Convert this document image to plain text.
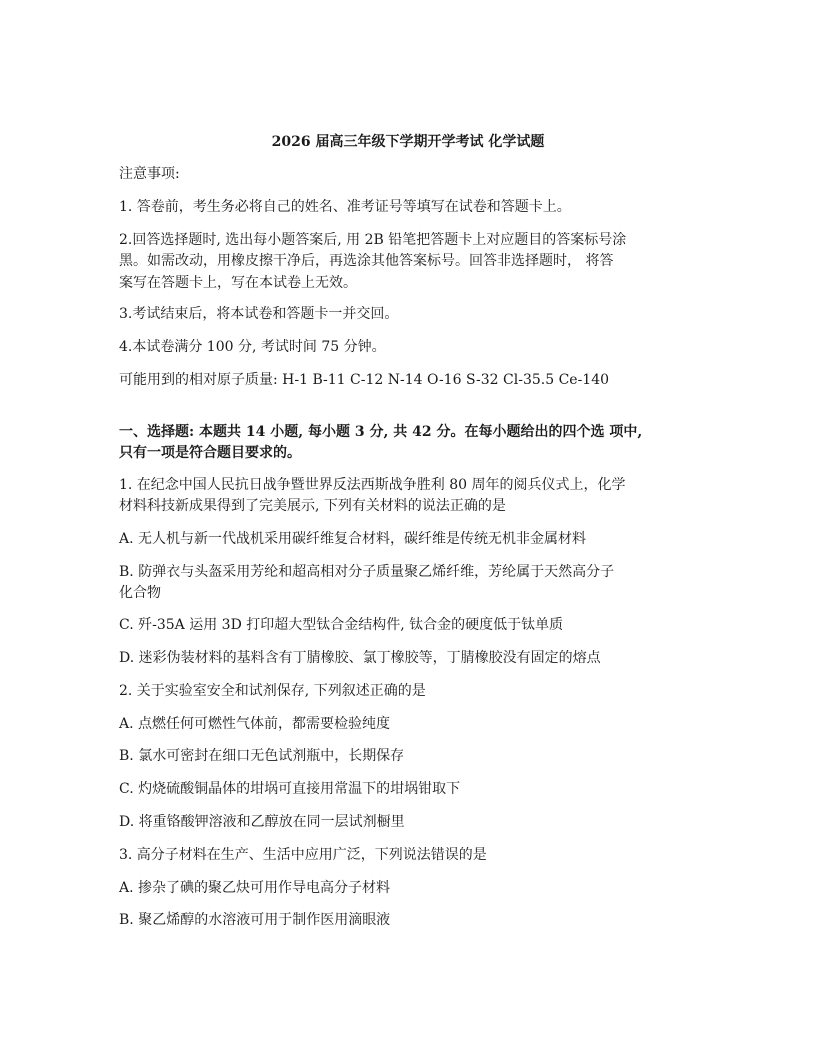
2026 届高三年级下学期开学考试 化学试题
注意事项:
1. 答卷前，考生务必将自己的姓名、准考证号等填写在试卷和答题卡上。
2.回答选择题时, 选出每小题答案后, 用 2B 铅笔把答题卡上对应题目的答案标号涂
黑。如需改动，用橡皮擦干净后，再选涂其他答案标号。回答非选择题时， 将答
案写在答题卡上，写在本试卷上无效。
3.考试结束后，将本试卷和答题卡一并交回。
4.本试卷满分 100 分, 考试时间 75 分钟。
可能用到的相对原子质量: H-1 B-11 C-12 N-14 O-16 S-32 Cl-35.5 Ce-140
一、选择题: 本题共 14 小题, 每小题 3 分, 共 42 分。在每小题给出的四个选 项中,
只有一项是符合题目要求的。
1. 在纪念中国人民抗日战争暨世界反法西斯战争胜利 80 周年的阅兵仪式上，化学
材料科技新成果得到了完美展示, 下列有关材料的说法正确的是
A. 无人机与新一代战机采用碳纤维复合材料，碳纤维是传统无机非金属材料
B. 防弹衣与头盔采用芳纶和超高相对分子质量聚乙烯纤维，芳纶属于天然高分子
化合物
C. 歼-35A 运用 3D 打印超大型钛合金结构件, 钛合金的硬度低于钛单质
D. 迷彩伪装材料的基料含有丁腈橡胶、氯丁橡胶等，丁腈橡胶没有固定的熔点
2. 关于实验室安全和试剂保存, 下列叙述正确的是
A. 点燃任何可燃性气体前，都需要检验纯度
B. 氯水可密封在细口无色试剂瓶中，长期保存
C. 灼烧硫酸铜晶体的坩埚可直接用常温下的坩埚钳取下
D. 将重铬酸钾溶液和乙醇放在同一层试剂橱里
3. 高分子材料在生产、生活中应用广泛，下列说法错误的是
A. 掺杂了碘的聚乙炔可用作导电高分子材料
B. 聚乙烯醇的水溶液可用于制作医用滴眼液
